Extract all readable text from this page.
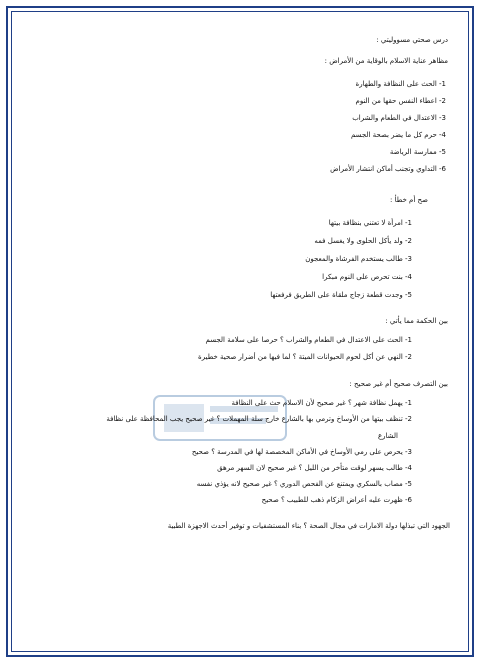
درس صحتي مسووليتي :
مظاهر عناية الاسلام بالوقاية من الأمراض :
1- الحث على النظافة والطهارة
2- اعطاء النفس حقها من النوم
3- الاعتدال في الطعام والشراب
4- حرم كل ما يضر بصحة الجسم
5- ممارسة الرياضة
6- التداوي وتجنب أماكن انتشار الأمراض
صح أم خطأ :
1- امرأة لا تعتني بنظافة بيتها
2- ولد يأكل الحلوى ولا يغسل فمه
3- طالب يستخدم الفرشاة والمعجون
4- بنت تحرص على النوم مبكرا
5- وجدت قطعة زجاج ملقاة على الطريق فرفعتها
بين الحكمة مما يأتي :
1- الحث على الاعتدال في الطعام والشراب ؟ حرصا على سلامة الجسم
2- النهي عن أكل لحوم الحيوانات الميتة ؟ لما فيها من أضرار صحية خطيرة
بين التصرف صحيح أم غير صحيح :
1- يهمل نظافة شهر ؟ غير صحيح لأن الاسلام حث على النظافة
2- تنظف بيتها من الأوساخ وترمي بها بالشارع خارج سلة المهملات ؟ غير صحيح يجب المحافظة على نظافة
الشارع
3- يحرص على رمي الأوساخ في الأماكن المخصصة لها في المدرسة ؟ صحيح
4- طالب يسهر لوقت متأخر من الليل ؟ غير صحيح لان السهر مرهق
5- مصاب بالسكري ويمتنع عن الفحص الدوري ؟ غير صحيح لانه يؤذي نفسه
6- ظهرت عليه أعراض الزكام ذهب للطبيب ؟ صحيح
الجهود التي تبذلها دولة الامارات في مجال الصحة ؟ بناء المستشفيات و توفير أحدث الاجهزة الطبية
